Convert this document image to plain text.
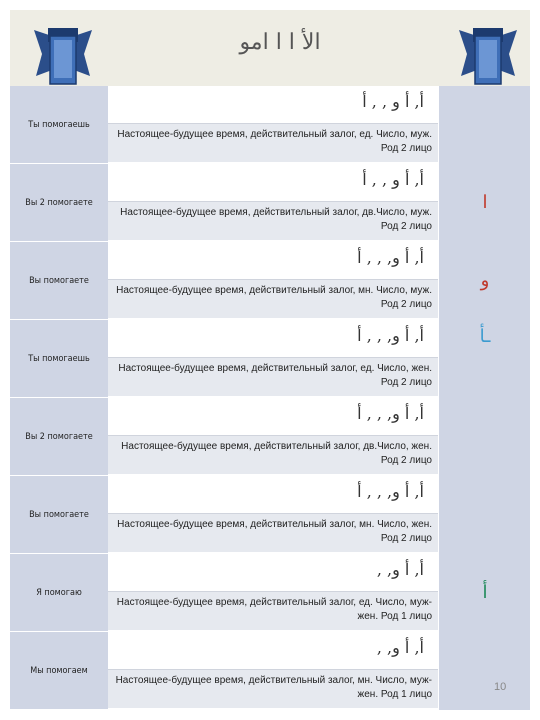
الأ ا ا امو
Ты помогаешь
أ, أ و , , أ
Настоящее-будущее время, действительный залог, ед. Число, муж. Род 2 лицо
Вы 2 помогаете
أ, أ و , , أ
Настоящее-будущее время, действительный залог, дв.Число, муж. Род 2 лицо
ا
Вы помогаете
أ, أ و, , , أ
Настоящее-будущее время, действительный залог, мн. Число, муж. Род 2 лицо
و
Ты помогаешь
أ, أ و, , , أ
Настоящее-будущее время, действительный залог, ед. Число, жен. Род 2 лицо
ـأ
Вы 2 помогаете
أ, أ و, , , أ
Настоящее-будущее время, действительный залог, дв.Число, жен. Род 2 лицо
Вы помогаете
أ, أ و, , , أ
Настоящее-будущее время, действительный залог, мн. Число, жен. Род 2 лицо
Я помогаю
أ, أ و, ,
Настоящее-будущее время, действительный залог, ед. Число, муж-жен. Род 1 лицо
أ
Мы помогаем
أ, أ و, ,
Настоящее-будущее время, действительный залог, мн. Число, муж-жен. Род 1 лицо
10
